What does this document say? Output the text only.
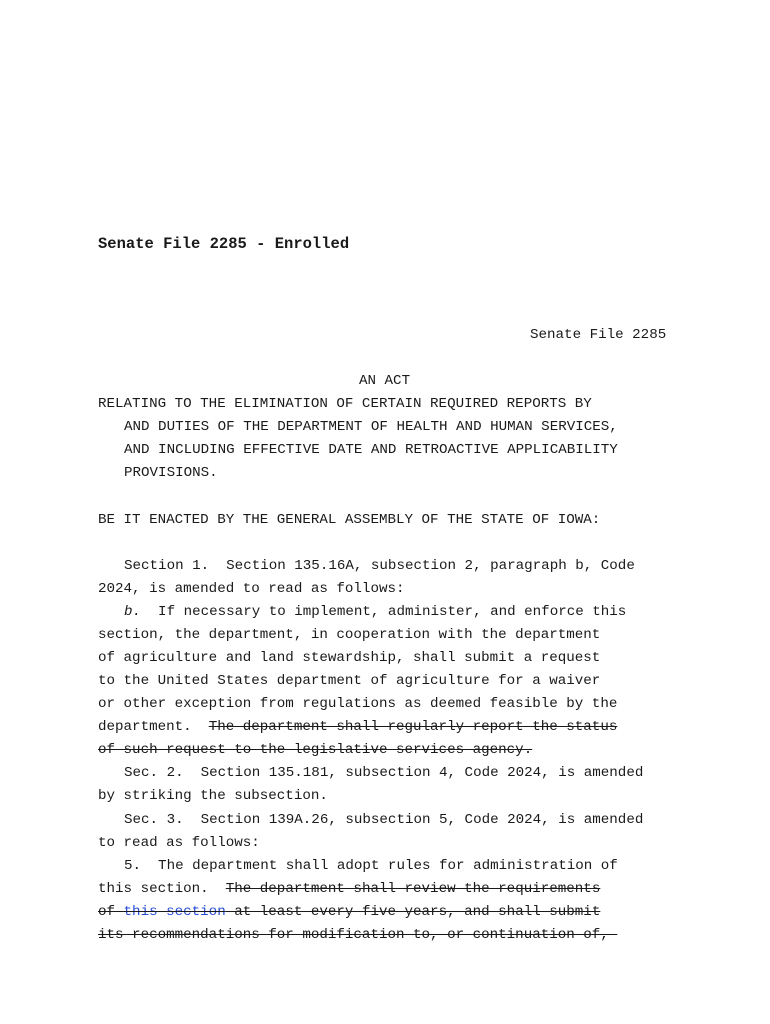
Senate File 2285 - Enrolled

Senate File 2285

AN ACT

RELATING TO THE ELIMINATION OF CERTAIN REQUIRED REPORTS BY

AND DUTIES OF THE DEPARTMENT OF HEALTH AND HUMAN SERVICES,

AND INCLUDING EFFECTIVE DATE AND RETROACTIVE APPLICABILITY

PROVISIONS.

BE IT ENACTED BY THE GENERAL ASSEMBLY OF THE STATE OF IOWA:

Section 1.  Section 135.16A, subsection 2, paragraph b, Code

2024, is amended to read as follows:

b.  If necessary to implement, administer, and enforce this

section, the department, in cooperation with the department

of agriculture and land stewardship, shall submit a request

to the United States department of agriculture for a waiver

or other exception from regulations as deemed feasible by the

department.  The department shall regularly report the status

of such request to the legislative services agency.

Sec. 2.  Section 135.181, subsection 4, Code 2024, is amended

by striking the subsection.

Sec. 3.  Section 139A.26, subsection 5, Code 2024, is amended

to read as follows:

5.  The department shall adopt rules for administration of

this section.  The department shall review the requirements

of this section at least every five years, and shall submit

its recommendations for modification to, or continuation of,
